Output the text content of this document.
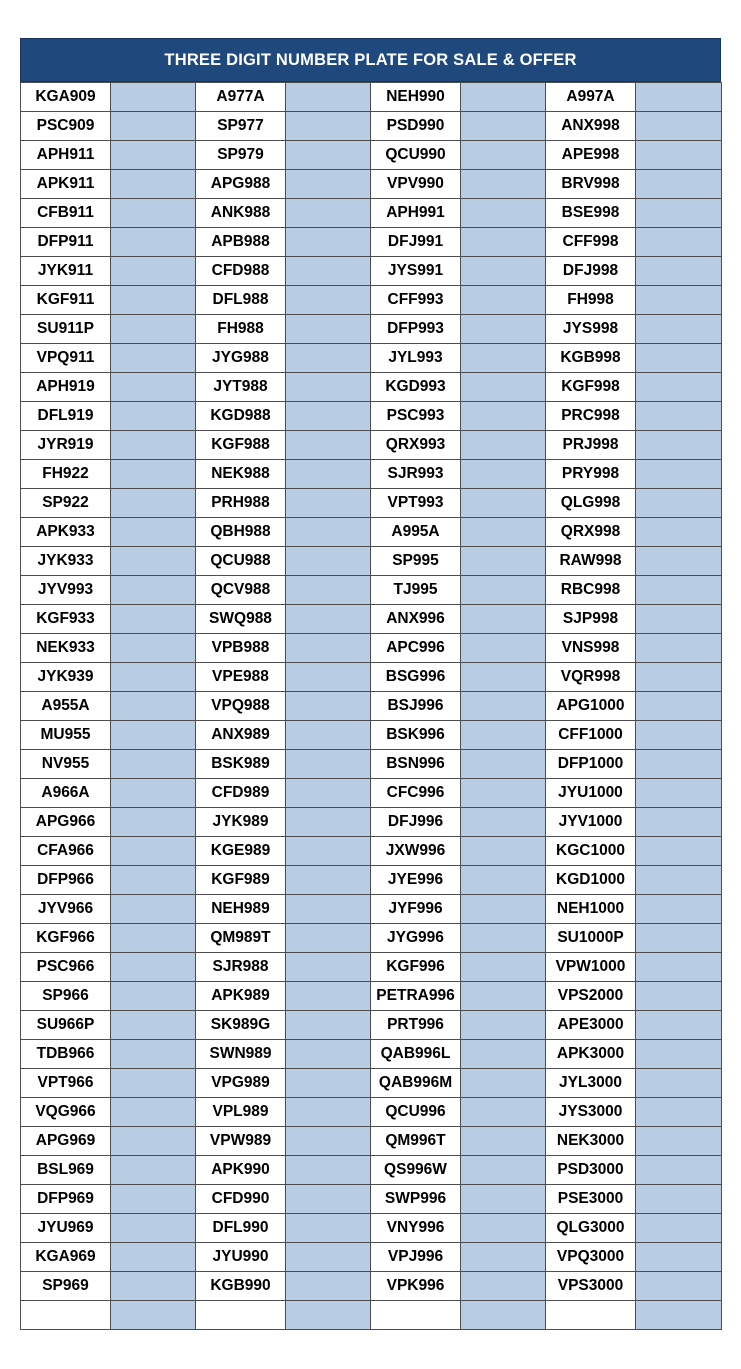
THREE DIGIT NUMBER PLATE FOR SALE & OFFER
KGA909		A977A		NEH990		A997A	
PSC909		SP977		PSD990		ANX998	
APH911		SP979		QCU990		APE998	
APK911		APG988		VPV990		BRV998	
CFB911		ANK988		APH991		BSE998	
DFP911		APB988		DFJ991		CFF998	
JYK911		CFD988		JYS991		DFJ998	
KGF911		DFL988		CFF993		FH998	
SU911P		FH988		DFP993		JYS998	
VPQ911		JYG988		JYL993		KGB998	
APH919		JYT988		KGD993		KGF998	
DFL919		KGD988		PSC993		PRC998	
JYR919		KGF988		QRX993		PRJ998	
FH922		NEK988		SJR993		PRY998	
SP922		PRH988		VPT993		QLG998	
APK933		QBH988		A995A		QRX998	
JYK933		QCU988		SP995		RAW998	
JYV993		QCV988		TJ995		RBC998	
KGF933		SWQ988		ANX996		SJP998	
NEK933		VPB988		APC996		VNS998	
JYK939		VPE988		BSG996		VQR998	
A955A		VPQ988		BSJ996		APG1000	
MU955		ANX989		BSK996		CFF1000	
NV955		BSK989		BSN996		DFP1000	
A966A		CFD989		CFC996		JYU1000	
APG966		JYK989		DFJ996		JYV1000	
CFA966		KGE989		JXW996		KGC1000	
DFP966		KGF989		JYE996		KGD1000	
JYV966		NEH989		JYF996		NEH1000	
KGF966		QM989T		JYG996		SU1000P	
PSC966		SJR988		KGF996		VPW1000	
SP966		APK989		PETRA996		VPS2000	
SU966P		SK989G		PRT996		APE3000	
TDB966		SWN989		QAB996L		APK3000	
VPT966		VPG989		QAB996M		JYL3000	
VQG966		VPL989		QCU996		JYS3000	
APG969		VPW989		QM996T		NEK3000	
BSL969		APK990		QS996W		PSD3000	
DFP969		CFD990		SWP996		PSE3000	
JYU969		DFL990		VNY996		QLG3000	
KGA969		JYU990		VPJ996		VPQ3000	
SP969		KGB990		VPK996		VPS3000	
